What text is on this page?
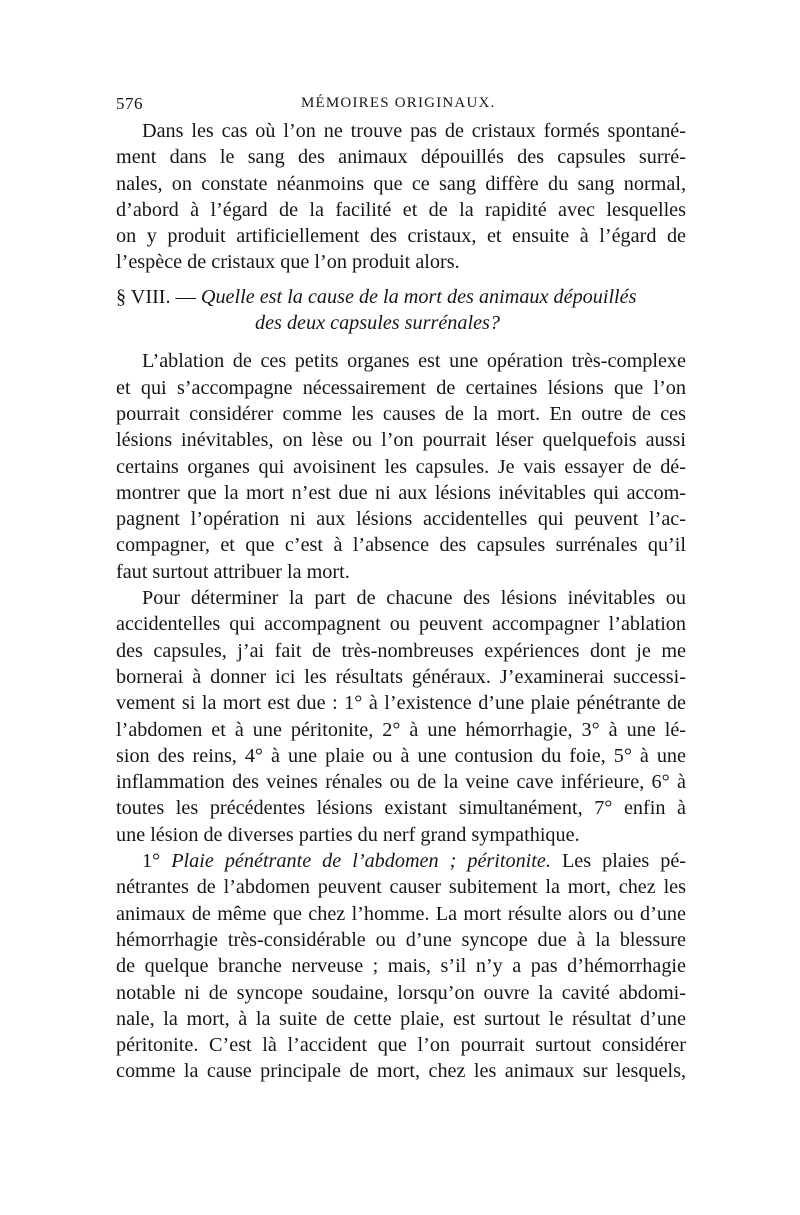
576	MÉMOIRES ORIGINAUX.
Dans les cas où l’on ne trouve pas de cristaux formés spontané-
ment dans le sang des animaux dépouillés des capsules surré-
nales, on constate néanmoins que ce sang diffère du sang normal,
d’abord à l’égard de la facilité et de la rapidité avec lesquelles
on y produit artificiellement des cristaux, et ensuite à l’égard de
l’espèce de cristaux que l’on produit alors.
§ VIII. — Quelle est la cause de la mort des animaux dépouillés
des deux capsules surrénales?
L’ablation de ces petits organes est une opération très-complexe
et qui s’accompagne nécessairement de certaines lésions que l’on
pourrait considérer comme les causes de la mort. En outre de ces
lésions inévitables, on lèse ou l’on pourrait léser quelquefois aussi
certains organes qui avoisinent les capsules. Je vais essayer de dé-
montrer que la mort n’est due ni aux lésions inévitables qui accom-
pagnent l’opération ni aux lésions accidentelles qui peuvent l’ac-
compagner, et que c’est à l’absence des capsules surrénales qu’il
faut surtout attribuer la mort.
Pour déterminer la part de chacune des lésions inévitables ou
accidentelles qui accompagnent ou peuvent accompagner l’ablation
des capsules, j’ai fait de très-nombreuses expériences dont je me
bornerai à donner ici les résultats généraux. J’examinerai successi-
vement si la mort est due : 1° à l’existence d’une plaie pénétrante de
l’abdomen et à une péritonite, 2° à une hémorrhagie, 3° à une lé-
sion des reins, 4° à une plaie ou à une contusion du foie, 5° à une
inflammation des veines rénales ou de la veine cave inférieure, 6° à
toutes les précédentes lésions existant simultanément, 7° enfin à
une lésion de diverses parties du nerf grand sympathique.
1° Plaie pénétrante de l’abdomen ; péritonite. Les plaies pé-
nétrantes de l’abdomen peuvent causer subitement la mort, chez les
animaux de même que chez l’homme. La mort résulte alors ou d’une
hémorrhagie très-considérable ou d’une syncope due à la blessure
de quelque branche nerveuse ; mais, s’il n’y a pas d’hémorrhagie
notable ni de syncope soudaine, lorsqu’on ouvre la cavité abdomi-
nale, la mort, à la suite de cette plaie, est surtout le résultat d’une
péritonite. C’est là l’accident que l’on pourrait surtout considérer
comme la cause principale de mort, chez les animaux sur lesquels,
